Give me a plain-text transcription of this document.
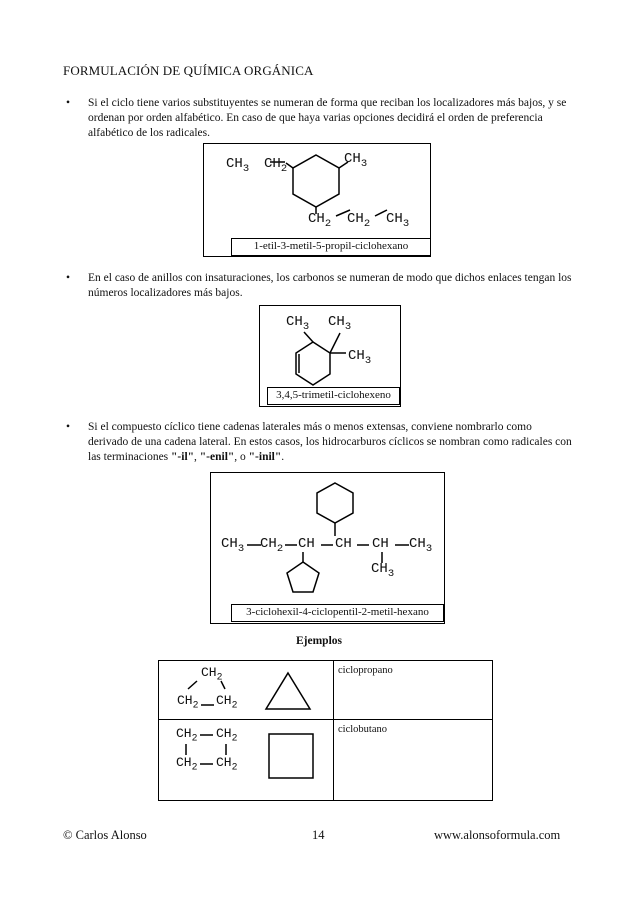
FORMULACIÓN DE QUÍMICA ORGÁNICA
• Si el ciclo tiene varios substituyentes se numeran de forma que reciban los localizadores más bajos, y se ordenan por orden alfabético. En caso de que haya varias opciones decidirá el orden de preferencia alfabético de los radicales.
$CH_3$ $CH_2$
$CH_3$
$CH_2$ $CH_2$ $CH_3$
1-etil-3-metil-5-propil-ciclohexano
• En el caso de anillos con insaturaciones, los carbonos se numeran de modo que dichos enlaces tengan los números localizadores más bajos.
$CH_3$ $CH_3$
$CH_3$
3,4,5-trimetil-ciclohexeno
• Si el compuesto cíclico tiene cadenas laterales más o menos extensas, conviene nombrarlo como derivado de una cadena lateral. En estos casos, los hidrocarburos cíclicos se nombran como radicales con las terminaciones "-il", "-enil", o "-inil".
$CH_3$ $CH_2$ CH CH CH $CH_3$
$CH_3$
3-ciclohexil-4-ciclopentil-2-metil-hexano
Ejemplos
$CH_2$
$CH_2$ $CH_2$	ciclopropano

$CH_2$ $CH_2$
$CH_2$ $CH_2$	ciclobutano
© Carlos Alonso	14	www.alonsoformula.com
